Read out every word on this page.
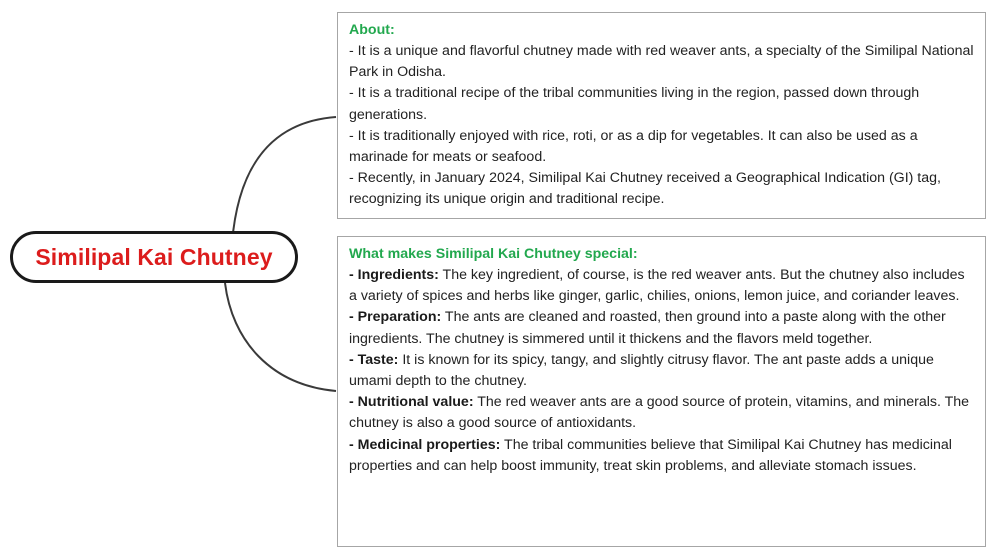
Similipal Kai Chutney
About:

- It is a unique and flavorful chutney made with red weaver ants, a specialty of the Similipal National Park in Odisha.

- It is a traditional recipe of the tribal communities living in the region, passed down through generations.

- It is traditionally enjoyed with rice, roti, or as a dip for vegetables. It can also be used as a marinade for meats or seafood.

- Recently, in January 2024, Similipal Kai Chutney received a Geographical Indication (GI) tag, recognizing its unique origin and traditional recipe.

What makes Similipal Kai Chutney special:

- Ingredients: The key ingredient, of course, is the red weaver ants. But the chutney also includes a variety of spices and herbs like ginger, garlic, chilies, onions, lemon juice, and coriander leaves.

- Preparation: The ants are cleaned and roasted, then ground into a paste along with the other ingredients. The chutney is simmered until it thickens and the flavors meld together.

- Taste: It is known for its spicy, tangy, and slightly citrusy flavor. The ant paste adds a unique umami depth to the chutney.

- Nutritional value: The red weaver ants are a good source of protein, vitamins, and minerals. The chutney is also a good source of antioxidants.

- Medicinal properties: The tribal communities believe that Similipal Kai Chutney has medicinal properties and can help boost immunity, treat skin problems, and alleviate stomach issues.
